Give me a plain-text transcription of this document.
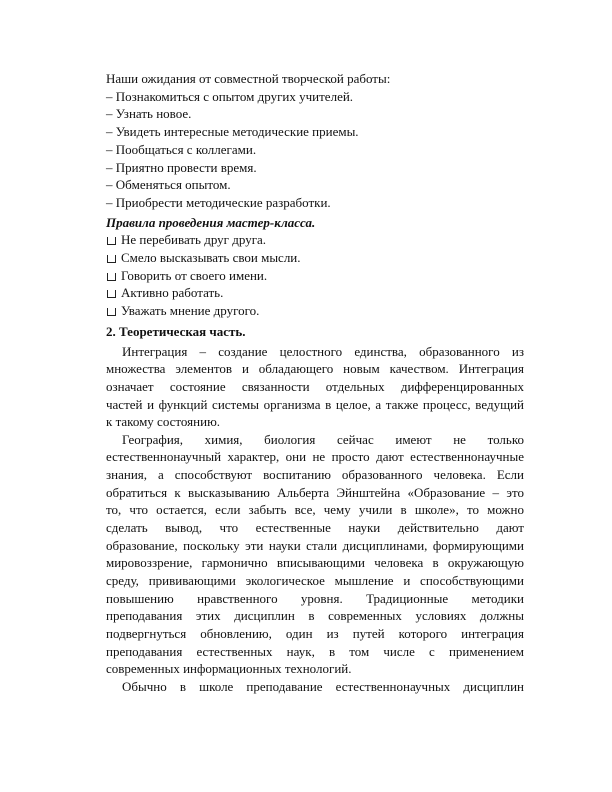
Наши ожидания от совместной творческой работы:

– Познакомиться с опытом других учителей.

– Узнать новое.

– Увидеть интересные методические приемы.

– Пообщаться с коллегами.

– Приятно провести время.

– Обменяться опытом.

– Приобрести методические разработки.

Правила проведения мастер-класса.

Не перебивать друг друга.
Смело высказывать свои мысли.
Говорить от своего имени.
Активно работать.
Уважать мнение другого.

2. Теоретическая часть.

Интеграция – создание целостного единства, образованного из
множества элементов и обладающего новым качеством. Интеграция
означает состояние связанности отдельных дифференцированных
частей и функций системы организма в целое, а также процесс, ведущий
к такому состоянию.
География, химия, биология сейчас имеют не только
естественнонаучный характер, они не просто дают естественнонаучные
знания, а способствуют воспитанию образованного человека. Если
обратиться к высказыванию Альберта Эйнштейна «Образование – это
то, что остается, если забыть все, чему учили в школе», то можно
сделать вывод, что естественные науки действительно дают
образование, поскольку эти науки стали дисциплинами, формирующими
мировоззрение, гармонично вписывающими человека в окружающую
среду, прививающими экологическое мышление и способствующими
повышению нравственного уровня. Традиционные методики
преподавания этих дисциплин в современных условиях должны
подвергнуться обновлению, один из путей которого интеграция
преподавания естественных наук, в том числе с применением
современных информационных технологий.
Обычно в школе преподавание естественнонаучных дисциплин
